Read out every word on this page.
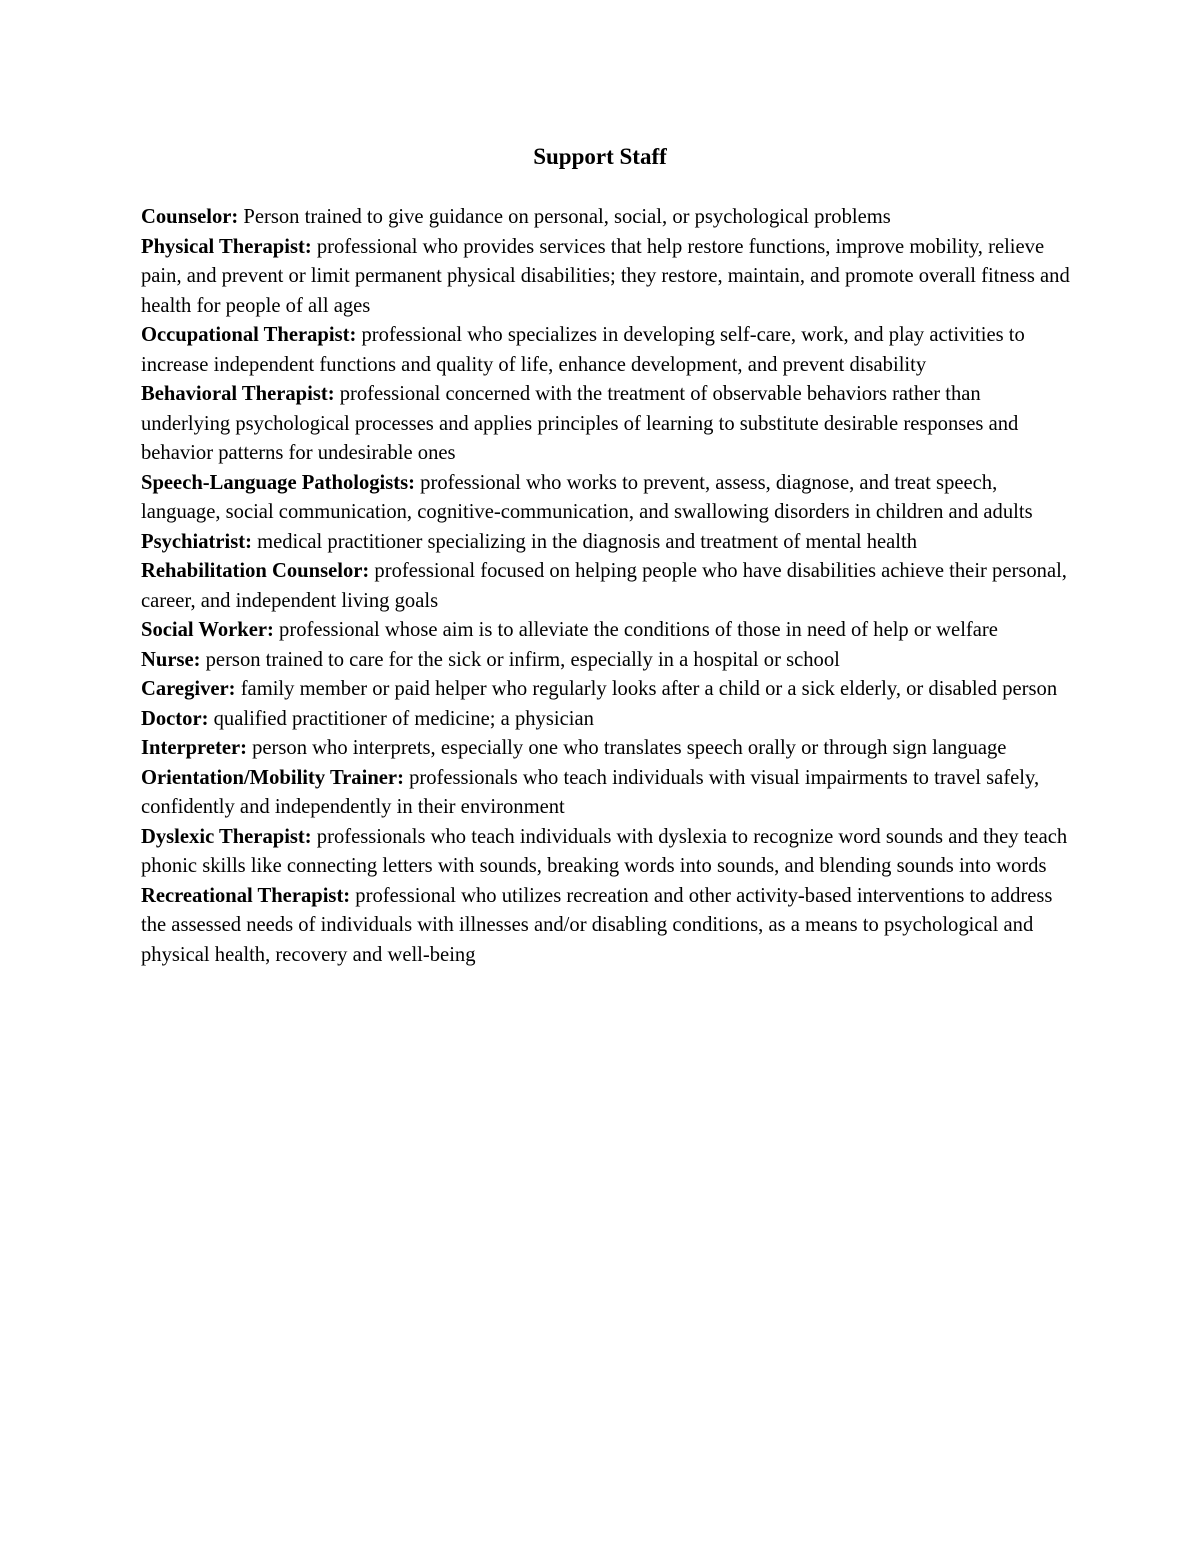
Support Staff
Counselor: Person trained to give guidance on personal, social, or psychological problems
Physical Therapist: professional who provides services that help restore functions, improve mobility, relieve pain, and prevent or limit permanent physical disabilities; they restore, maintain, and promote overall fitness and health for people of all ages
Occupational Therapist: professional who specializes in developing self-care, work, and play activities to increase independent functions and quality of life, enhance development, and prevent disability
Behavioral Therapist: professional concerned with the treatment of observable behaviors rather than underlying psychological processes and applies principles of learning to substitute desirable responses and behavior patterns for undesirable ones
Speech-Language Pathologists: professional who works to prevent, assess, diagnose, and treat speech, language, social communication, cognitive-communication, and swallowing disorders in children and adults
Psychiatrist: medical practitioner specializing in the diagnosis and treatment of mental health
Rehabilitation Counselor: professional focused on helping people who have disabilities achieve their personal, career, and independent living goals
Social Worker: professional whose aim is to alleviate the conditions of those in need of help or welfare
Nurse: person trained to care for the sick or infirm, especially in a hospital or school
Caregiver: family member or paid helper who regularly looks after a child or a sick elderly, or disabled person
Doctor: qualified practitioner of medicine; a physician
Interpreter: person who interprets, especially one who translates speech orally or through sign language
Orientation/Mobility Trainer: professionals who teach individuals with visual impairments to travel safely, confidently and independently in their environment
Dyslexic Therapist: professionals who teach individuals with dyslexia to recognize word sounds and they teach phonic skills like connecting letters with sounds, breaking words into sounds, and blending sounds into words
Recreational Therapist: professional who utilizes recreation and other activity-based interventions to address the assessed needs of individuals with illnesses and/or disabling conditions, as a means to psychological and physical health, recovery and well-being
